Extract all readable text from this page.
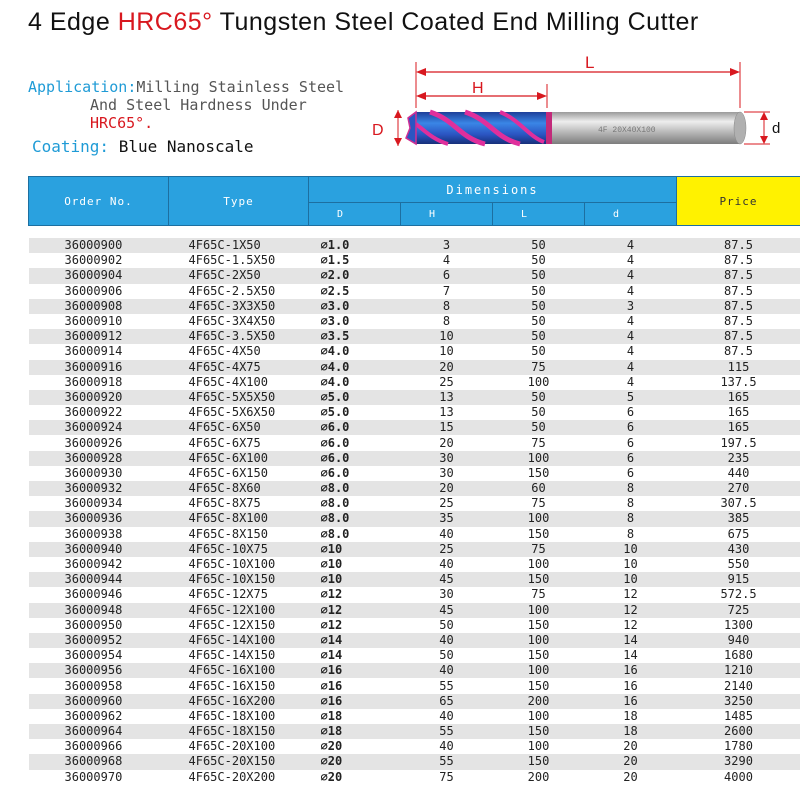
4 Edge HRC65° Tungsten Steel Coated End Milling Cutter
Application:Milling Stainless Steel
And Steel Hardness Under
HRC65°.
Coating: Blue Nanoscale
L
H
D	4F 20X40X100	d
Order No.	Type	Dimensions				Price
		D	H	L	d	

36000900	4F65C-1X50	⌀1.0	3	50	4	87.5
36000902	4F65C-1.5X50	⌀1.5	4	50	4	87.5
36000904	4F65C-2X50	⌀2.0	6	50	4	87.5
36000906	4F65C-2.5X50	⌀2.5	7	50	4	87.5
36000908	4F65C-3X3X50	⌀3.0	8	50	3	87.5
36000910	4F65C-3X4X50	⌀3.0	8	50	4	87.5
36000912	4F65C-3.5X50	⌀3.5	10	50	4	87.5
36000914	4F65C-4X50	⌀4.0	10	50	4	87.5
36000916	4F65C-4X75	⌀4.0	20	75	4	115
36000918	4F65C-4X100	⌀4.0	25	100	4	137.5
36000920	4F65C-5X5X50	⌀5.0	13	50	5	165
36000922	4F65C-5X6X50	⌀5.0	13	50	6	165
36000924	4F65C-6X50	⌀6.0	15	50	6	165
36000926	4F65C-6X75	⌀6.0	20	75	6	197.5
36000928	4F65C-6X100	⌀6.0	30	100	6	235
36000930	4F65C-6X150	⌀6.0	30	150	6	440
36000932	4F65C-8X60	⌀8.0	20	60	8	270
36000934	4F65C-8X75	⌀8.0	25	75	8	307.5
36000936	4F65C-8X100	⌀8.0	35	100	8	385
36000938	4F65C-8X150	⌀8.0	40	150	8	675
36000940	4F65C-10X75	⌀10	25	75	10	430
36000942	4F65C-10X100	⌀10	40	100	10	550
36000944	4F65C-10X150	⌀10	45	150	10	915
36000946	4F65C-12X75	⌀12	30	75	12	572.5
36000948	4F65C-12X100	⌀12	45	100	12	725
36000950	4F65C-12X150	⌀12	50	150	12	1300
36000952	4F65C-14X100	⌀14	40	100	14	940
36000954	4F65C-14X150	⌀14	50	150	14	1680
36000956	4F65C-16X100	⌀16	40	100	16	1210
36000958	4F65C-16X150	⌀16	55	150	16	2140
36000960	4F65C-16X200	⌀16	65	200	16	3250
36000962	4F65C-18X100	⌀18	40	100	18	1485
36000964	4F65C-18X150	⌀18	55	150	18	2600
36000966	4F65C-20X100	⌀20	40	100	20	1780
36000968	4F65C-20X150	⌀20	55	150	20	3290
36000970	4F65C-20X200	⌀20	75	200	20	4000
